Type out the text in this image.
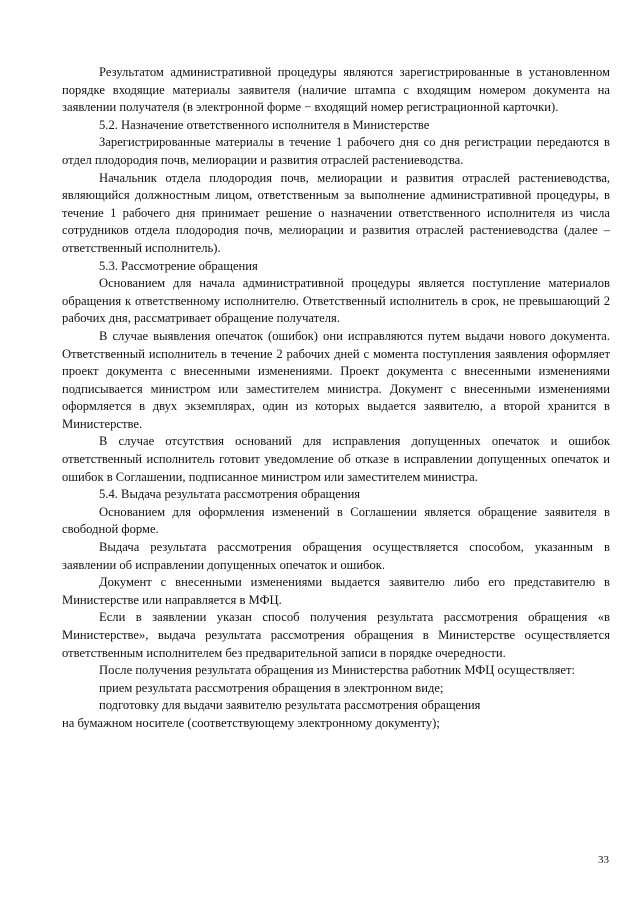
Результатом административной процедуры являются зарегистрированные в установленном порядке входящие материалы заявителя (наличие штампа с входящим номером документа на заявлении получателя (в электронной форме − входящий номер регистрационной карточки).

5.2. Назначение ответственного исполнителя в Министерстве

Зарегистрированные материалы в течение 1 рабочего дня со дня регистрации передаются в отдел плодородия почв, мелиорации и развития отраслей растениеводства.

Начальник отдела плодородия почв, мелиорации и развития отраслей растениеводства, являющийся должностным лицом, ответственным за выполнение административной процедуры, в течение 1 рабочего дня принимает решение о назначении ответственного исполнителя из числа сотрудников отдела плодородия почв, мелиорации и развития отраслей растениеводства (далее – ответственный исполнитель).

5.3. Рассмотрение обращения

Основанием для начала административной процедуры является поступление материалов обращения к ответственному исполнителю. Ответственный исполнитель в срок, не превышающий 2 рабочих дня, рассматривает обращение получателя.

В случае выявления опечаток (ошибок) они исправляются путем выдачи нового документа. Ответственный исполнитель в течение 2 рабочих дней с момента поступления заявления оформляет проект документа с внесенными изменениями. Проект документа с внесенными изменениями подписывается министром или заместителем министра. Документ с внесенными изменениями оформляется в двух экземплярах, один из которых выдается заявителю, а второй хранится в Министерстве.

В случае отсутствия оснований для исправления допущенных опечаток и ошибок ответственный исполнитель готовит уведомление об отказе в исправлении допущенных опечаток и ошибок в Соглашении, подписанное министром или заместителем министра.

5.4. Выдача результата рассмотрения обращения

Основанием для оформления изменений в Соглашении является обращение заявителя в свободной форме.

Выдача результата рассмотрения обращения осуществляется способом, указанным в заявлении об исправлении допущенных опечаток и ошибок.

Документ с внесенными изменениями выдается заявителю либо его представителю в Министерстве или направляется в МФЦ.

Если в заявлении указан способ получения результата рассмотрения обращения «в Министерстве», выдача результата рассмотрения обращения в Министерстве осуществляется ответственным исполнителем без предварительной записи в порядке очередности.

После получения результата обращения из Министерства работник МФЦ осуществляет:

прием результата рассмотрения обращения в электронном виде;

подготовку для выдачи заявителю результата рассмотрения обращения

на бумажном носителе (соответствующему электронному документу);

33
